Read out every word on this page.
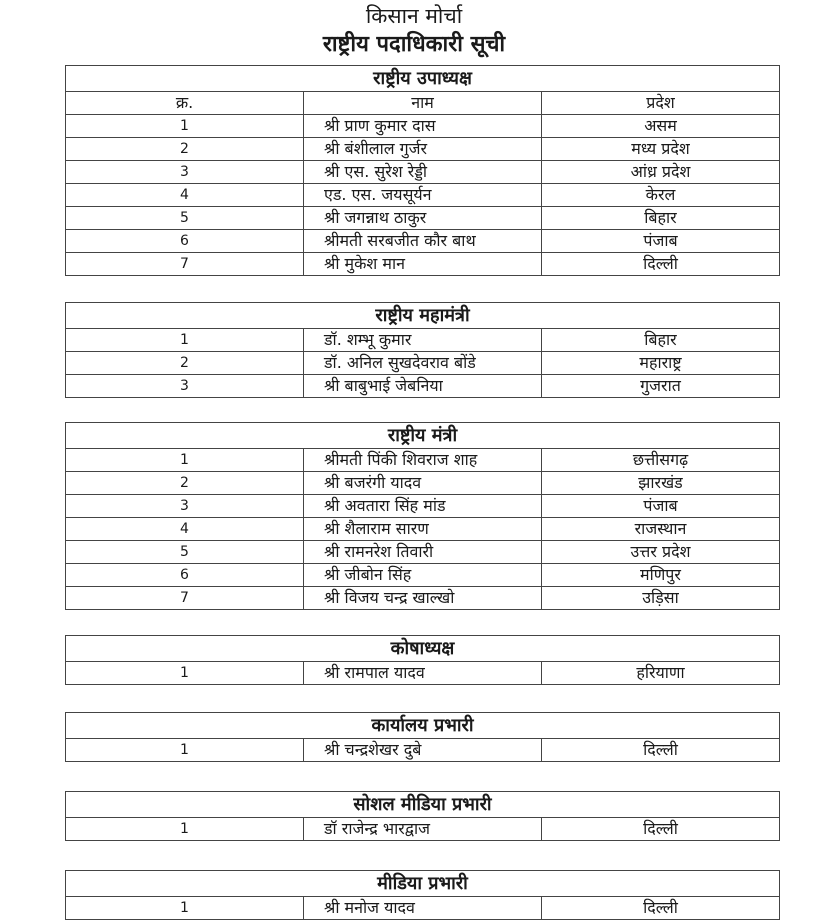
किसान मोर्चा
राष्ट्रीय पदाधिकारी सूची
राष्ट्रीय उपाध्यक्ष		
क्र.	नाम	प्रदेश
1	श्री प्राण कुमार दास	असम
2	श्री बंशीलाल गुर्जर	मध्य प्रदेश
3	श्री एस. सुरेश रेड्डी	आंध्र प्रदेश
4	एड. एस. जयसूर्यन	केरल
5	श्री जगन्नाथ ठाकुर	बिहार
6	श्रीमती सरबजीत कौर बाथ	पंजाब
7	श्री मुकेश मान	दिल्ली
राष्ट्रीय महामंत्री		
1	डॉ. शम्भू कुमार	बिहार
2	डॉ. अनिल सुखदेवराव बोंडे	महाराष्ट्र
3	श्री बाबुभाई जेबनिया	गुजरात
राष्ट्रीय मंत्री		
1	श्रीमती पिंकी शिवराज शाह	छत्तीसगढ़
2	श्री बजरंगी यादव	झारखंड
3	श्री अवतारा सिंह मांड	पंजाब
4	श्री शैलाराम सारण	राजस्थान
5	श्री रामनरेश तिवारी	उत्तर प्रदेश
6	श्री जीबोन सिंह	मणिपुर
7	श्री विजय चन्द्र खाल्खो	उड़िसा
कोषाध्यक्ष
1	श्री रामपाल यादव	हरियाणा
कार्यालय प्रभारी
1	श्री चन्द्रशेखर दुबे	दिल्ली
सोशल मीडिया प्रभारी
1	डॉ राजेन्द्र भारद्वाज	दिल्ली
मीडिया प्रभारी
1	श्री मनोज यादव	दिल्ली
